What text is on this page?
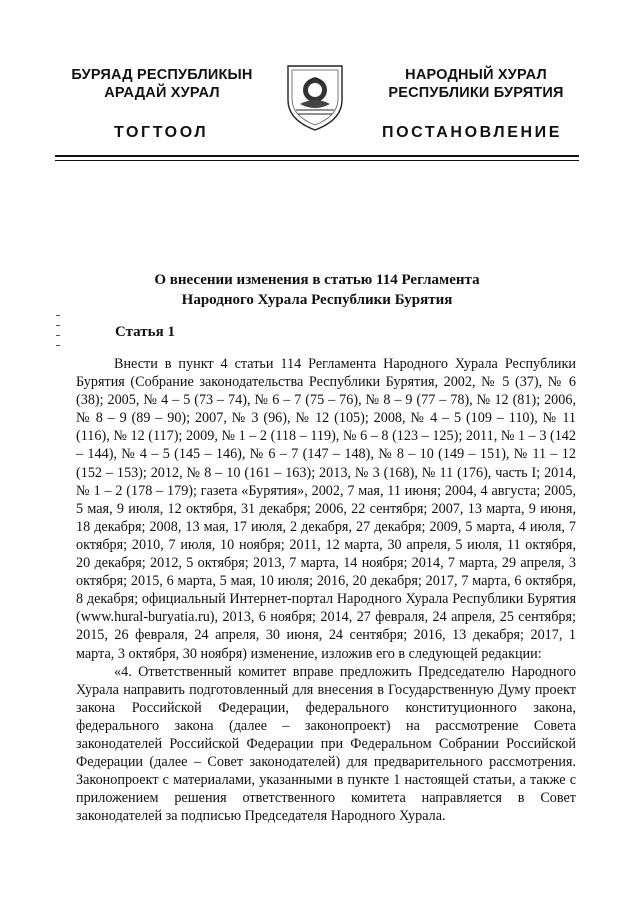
БУРЯАД РЕСПУБЛИКЫН
АРАДАЙ ХУРАЛ
ТОГТООЛ
НАРОДНЫЙ ХУРАЛ
РЕСПУБЛИКИ БУРЯТИЯ
ПОСТАНОВЛЕНИЕ
О внесении изменения в статью 114 Регламента
Народного Хурала Республики Бурятия
Статья 1

Внести в пункт 4 статьи 114 Регламента Народного Хурала Республики Бурятия (Собрание законодательства Республики Бурятия, 2002, № 5 (37), № 6 (38); 2005, № 4 – 5 (73 – 74), № 6 – 7 (75 – 76), № 8 – 9 (77 – 78), № 12 (81); 2006, № 8 – 9 (89 – 90); 2007, № 3 (96), № 12 (105); 2008, № 4 – 5 (109 – 110), № 11 (116), № 12 (117); 2009, № 1 – 2 (118 – 119), № 6 – 8 (123 – 125); 2011, № 1 – 3 (142 – 144), № 4 – 5 (145 – 146), № 6 – 7 (147 – 148), № 8 – 10 (149 – 151), № 11 – 12 (152 – 153); 2012, № 8 – 10 (161 – 163); 2013, № 3 (168), № 11 (176), часть I; 2014, № 1 – 2 (178 – 179); газета «Бурятия», 2002, 7 мая, 11 июня; 2004, 4 августа; 2005, 5 мая, 9 июля, 12 октября, 31 декабря; 2006, 22 сентября; 2007, 13 марта, 9 июня, 18 декабря; 2008, 13 мая, 17 июля, 2 декабря, 27 декабря; 2009, 5 марта, 4 июля, 7 октября; 2010, 7 июля, 10 ноября; 2011, 12 марта, 30 апреля, 5 июля, 11 октября, 20 декабря; 2012, 5 октября; 2013, 7 марта, 14 ноября; 2014, 7 марта, 29 апреля, 3 октября; 2015, 6 марта, 5 мая, 10 июля; 2016, 20 декабря; 2017, 7 марта, 6 октября, 8 декабря; официальный Интернет-портал Народного Хурала Республики Бурятия (www.hural-buryatia.ru), 2013, 6 ноября; 2014, 27 февраля, 24 апреля, 25 сентября; 2015, 26 февраля, 24 апреля, 30 июня, 24 сентября; 2016, 13 декабря; 2017, 1 марта, 3 октября, 30 ноября) изменение, изложив его в следующей редакции:

«4. Ответственный комитет вправе предложить Председателю Народного Хурала направить подготовленный для внесения в Государственную Думу проект закона Российской Федерации, федерального конституционного закона, федерального закона (далее – законопроект) на рассмотрение Совета законодателей Российской Федерации при Федеральном Собрании Российской Федерации (далее – Совет законодателей) для предварительного рассмотрения. Законопроект с материалами, указанными в пункте 1 настоящей статьи, а также с приложением решения ответственного комитета направляется в Совет законодателей за подписью Председателя Народного Хурала.
